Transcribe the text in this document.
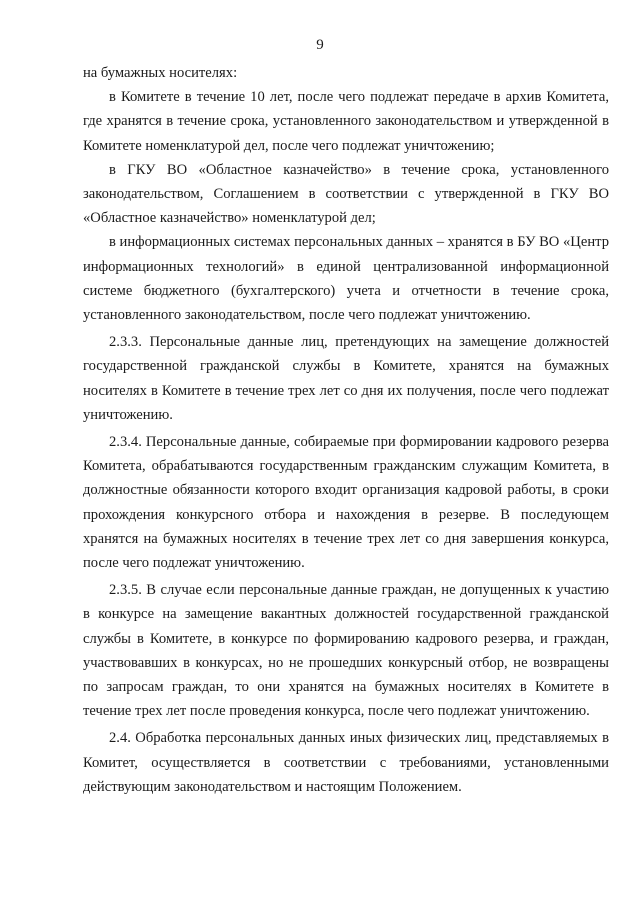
9

на бумажных носителях:

в Комитете в течение 10 лет, после чего подлежат передаче в архив Комитета, где хранятся в течение срока, установленного законодательством и утвержденной в Комитете номенклатурой дел, после чего подлежат уничтожению;

в ГКУ ВО «Областное казначейство» в течение срока, установленного законодательством, Соглашением в соответствии с утвержденной в ГКУ ВО «Областное казначейство» номенклатурой дел;

в информационных системах персональных данных – хранятся в БУ ВО «Центр информационных технологий» в единой централизованной информационной системе бюджетного (бухгалтерского) учета и отчетности в течение срока, установленного законодательством, после чего подлежат уничтожению.

2.3.3. Персональные данные лиц, претендующих на замещение должностей государственной гражданской службы в Комитете, хранятся на бумажных носителях в Комитете в течение трех лет со дня их получения, после чего подлежат уничтожению.

2.3.4. Персональные данные, собираемые при формировании кадрового резерва Комитета, обрабатываются государственным гражданским служащим Комитета, в должностные обязанности которого входит организация кадровой работы, в сроки прохождения конкурсного отбора и нахождения в резерве. В последующем хранятся на бумажных носителях в течение трех лет со дня завершения конкурса, после чего подлежат уничтожению.

2.3.5. В случае если персональные данные граждан, не допущенных к участию в конкурсе на замещение вакантных должностей государственной гражданской службы в Комитете, в конкурсе по формированию кадрового резерва, и граждан, участвовавших в конкурсах, но не прошедших конкурсный отбор, не возвращены по запросам граждан, то они хранятся на бумажных носителях в Комитете в течение трех лет после проведения конкурса, после чего подлежат уничтожению.

2.4. Обработка персональных данных иных физических лиц, представляемых в Комитет, осуществляется в соответствии с требованиями, установленными действующим законодательством и настоящим Положением.
